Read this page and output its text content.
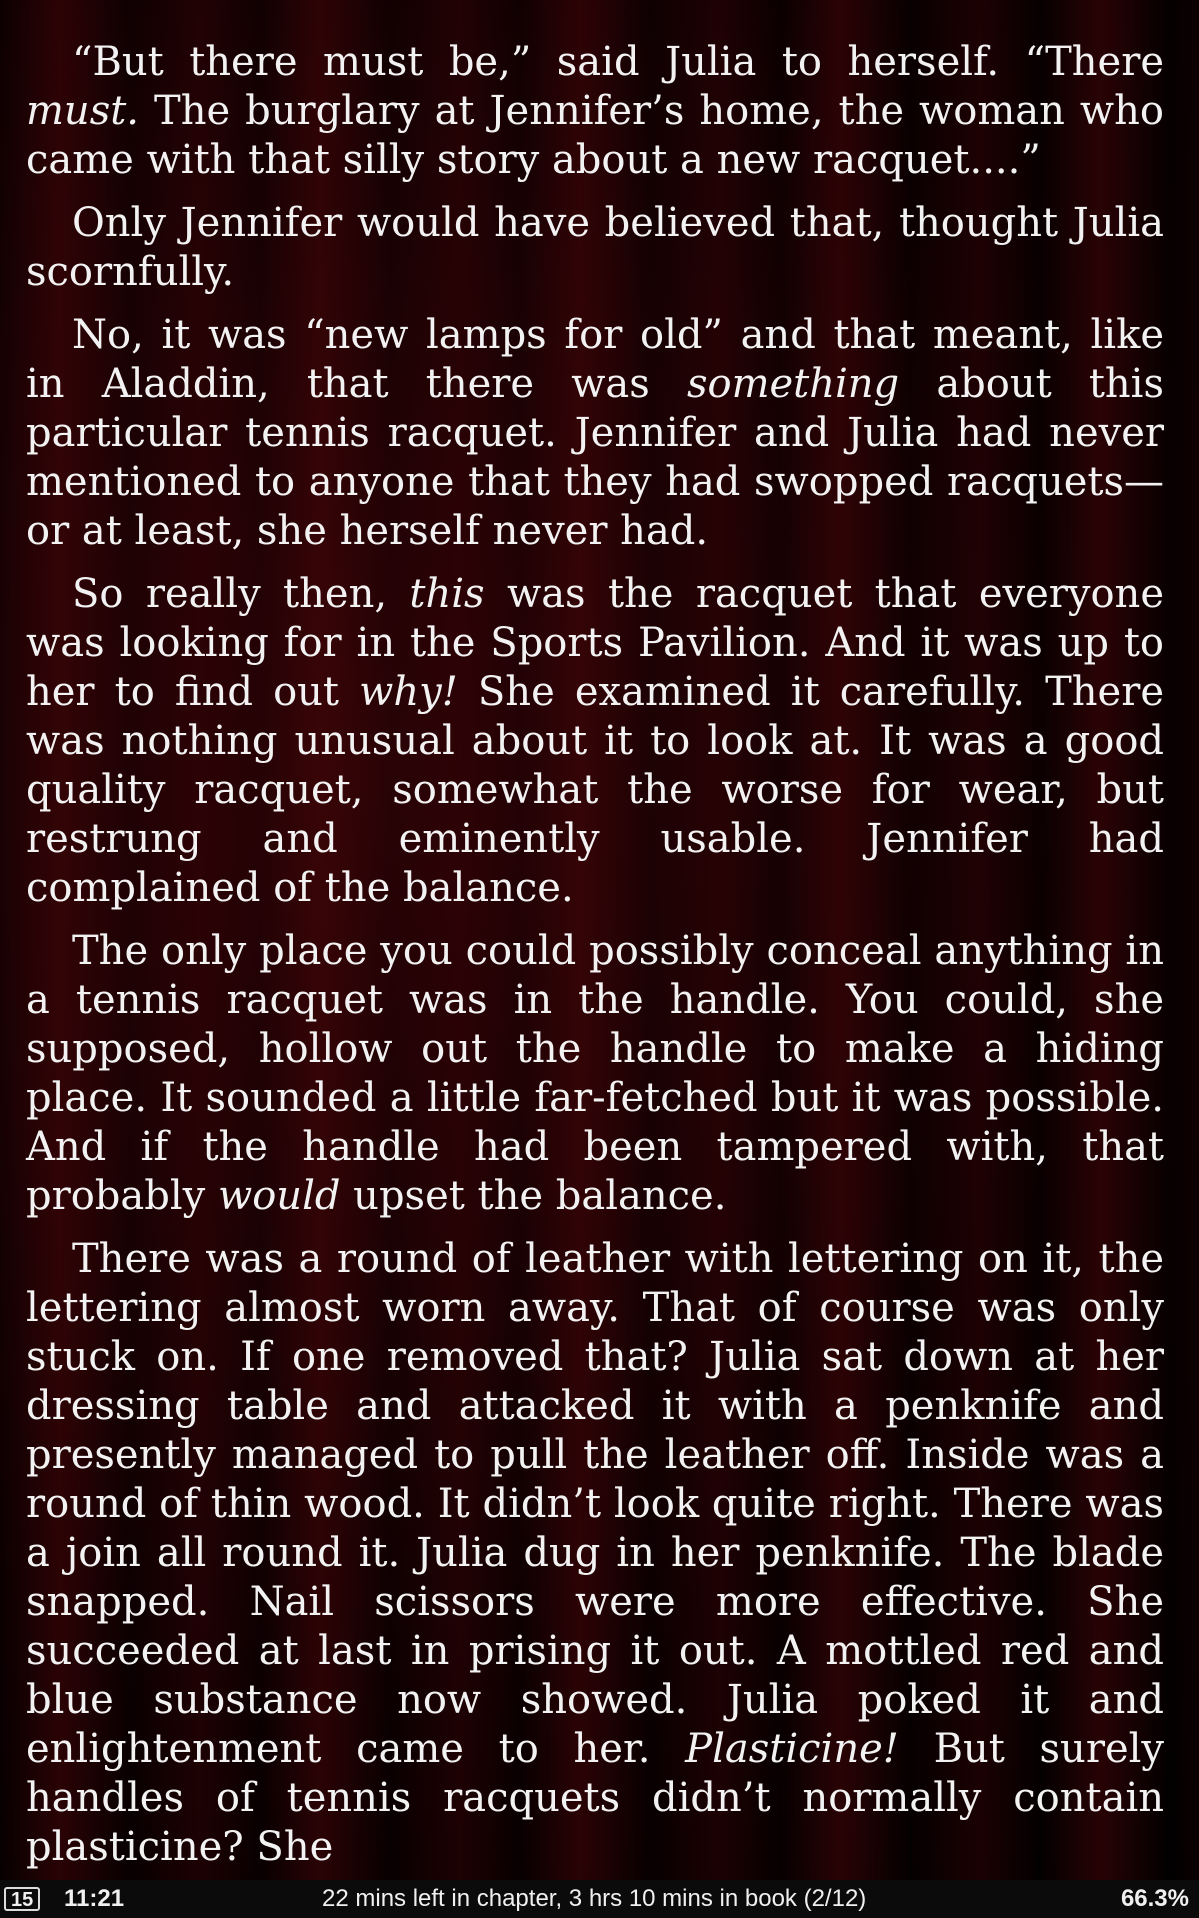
“But there must be,” said Julia to herself. “There must. The burglary at Jennifer’s home, the woman who came with that silly story about a new racquet....”

Only Jennifer would have believed that, thought Julia scornfully.

No, it was “new lamps for old” and that meant, like in Aladdin, that there was something about this particular tennis racquet. Jennifer and Julia had never mentioned to anyone that they had swopped racquets—or at least, she herself never had.

So really then, this was the racquet that everyone was looking for in the Sports Pavilion. And it was up to her to find out why! She examined it carefully. There was nothing unusual about it to look at. It was a good quality racquet, somewhat the worse for wear, but restrung and eminently usable. Jennifer had complained of the balance.

The only place you could possibly conceal anything in a tennis racquet was in the handle. You could, she supposed, hollow out the handle to make a hiding place. It sounded a little far-fetched but it was possible. And if the handle had been tampered with, that probably would upset the balance.

There was a round of leather with lettering on it, the lettering almost worn away. That of course was only stuck on. If one removed that? Julia sat down at her dressing table and attacked it with a penknife and presently managed to pull the leather off. Inside was a round of thin wood. It didn’t look quite right. There was a join all round it. Julia dug in her penknife. The blade snapped. Nail scissors were more effective. She succeeded at last in prising it out. A mottled red and blue substance now showed. Julia poked it and enlightenment came to her. Plasticine! But surely handles of tennis racquets didn’t normally contain plasticine? She

15 11:21	22 mins left in chapter, 3 hrs 10 mins in book (2/12)	66.3%
